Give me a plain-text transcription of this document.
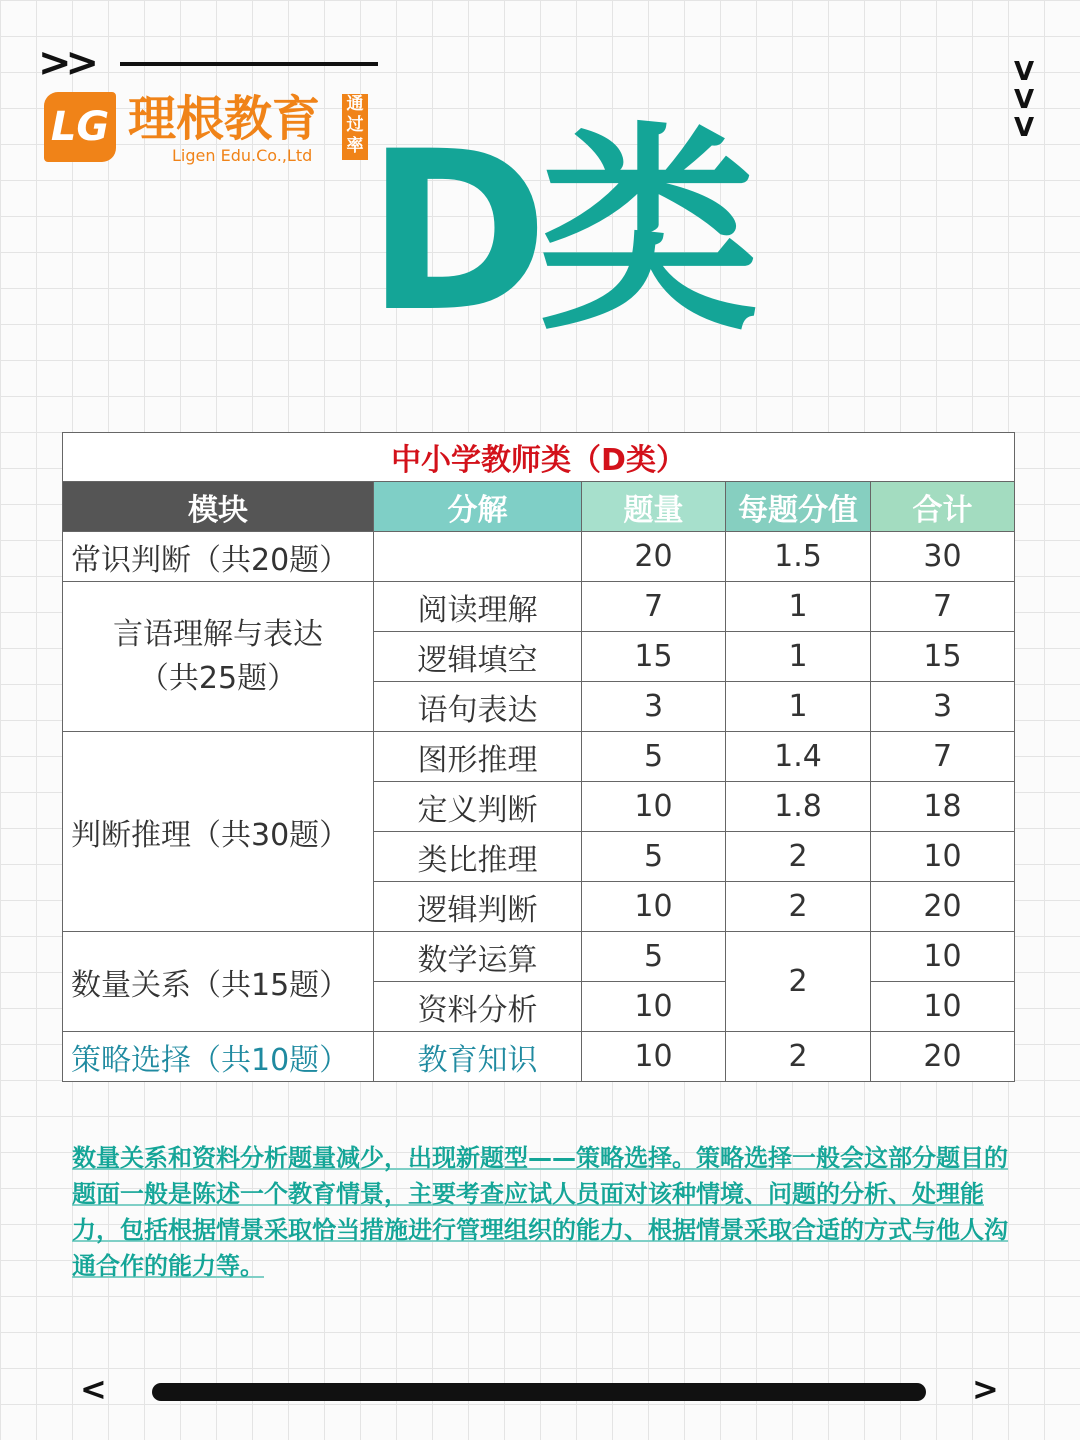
>>	V
V
V
LG 理根教育
Ligen Edu.Co.,Ltd
通过率 D类
中小学教师类（D类）				
模块	分解	题量	每题分值	合计
常识判断（共20题）		20	1.5	30
言语理解与表达（共25题）	阅读理解	7	1	7
	逻辑填空	15	1	15
	语句表达	3	1	3
判断推理（共30题）	图形推理	5	1.4	7
	定义判断	10	1.8	18
	类比推理	5	2	10
	逻辑判断	10	2	20
数量关系（共15题）	数学运算	5	2	10
	资料分析	10		10
策略选择（共10题）	教育知识	10	2	20
数量关系和资料分析题量减少，出现新题型——策略选择。策略选择一般会这部分题目的题面一般是陈述一个教育情景，主要考查应试人员面对该种情境、问题的分析、处理能力，包括根据情景采取恰当措施进行管理组织的能力、根据情景采取合适的方式与他人沟通合作的能力等。
<	>
